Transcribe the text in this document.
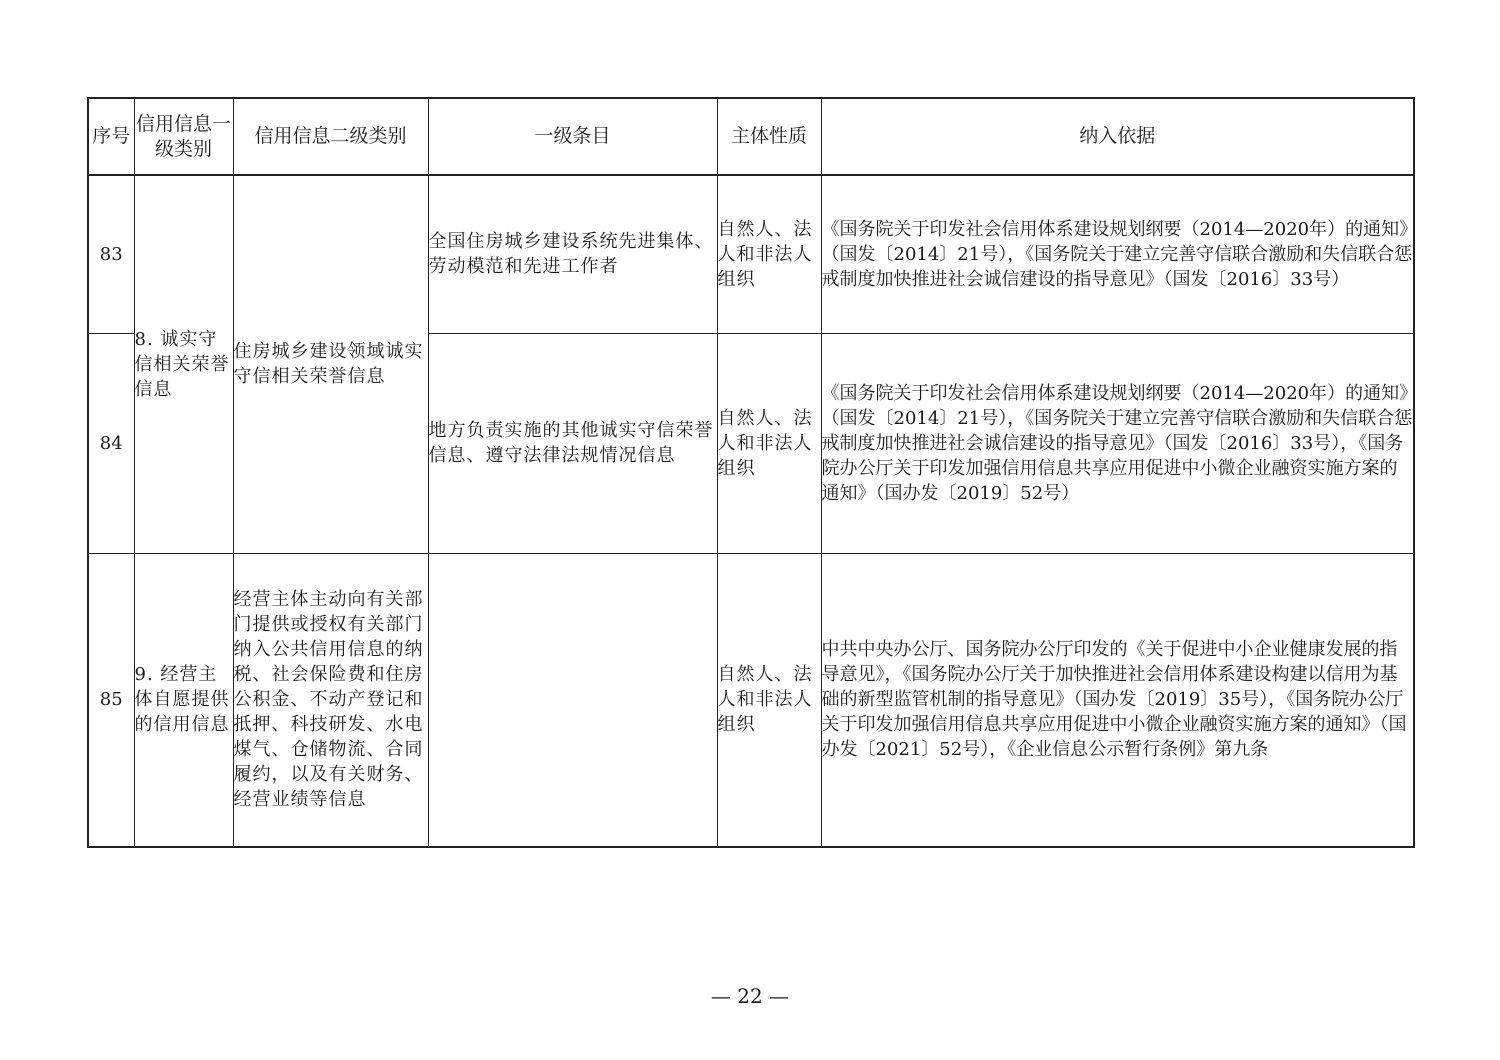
序号	信用信息一级类别	信用信息二级类别	一级条目	主体性质	纳入依据
83	8. 诚实守信相关荣誉信息	住房城乡建设领域诚实守信相关荣誉信息	全国住房城乡建设系统先进集体、劳动模范和先进工作者	自然人、法人和非法人组织	《国务院关于印发社会信用体系建设规划纲要（2014—2020年）的通知》（国发〔2014〕21号），《国务院关于建立完善守信联合激励和失信联合惩戒制度加快推进社会诚信建设的指导意见》（国发〔2016〕33号）
84			地方负责实施的其他诚实守信荣誉信息、遵守法律法规情况信息	自然人、法人和非法人组织	《国务院关于印发社会信用体系建设规划纲要（2014—2020年）的通知》（国发〔2014〕21号），《国务院关于建立完善守信联合激励和失信联合惩戒制度加快推进社会诚信建设的指导意见》（国发〔2016〕33号），《国务院办公厅关于印发加强信用信息共享应用促进中小微企业融资实施方案的通知》（国办发〔2019〕52号）
85	9. 经营主体自愿提供的信用信息	经营主体主动向有关部门提供或授权有关部门纳入公共信用信息的纳税、社会保险费和住房公积金、不动产登记和抵押、科技研发、水电煤气、仓储物流、合同履约，以及有关财务、经营业绩等信息		自然人、法人和非法人组织	中共中央办公厅、国务院办公厅印发的《关于促进中小企业健康发展的指导意见》，《国务院办公厅关于加快推进社会信用体系建设构建以信用为基础的新型监管机制的指导意见》（国办发〔2019〕35号），《国务院办公厅关于印发加强信用信息共享应用促进中小微企业融资实施方案的通知》（国办发〔2021〕52号），《企业信息公示暂行条例》第九条
— 22 —
